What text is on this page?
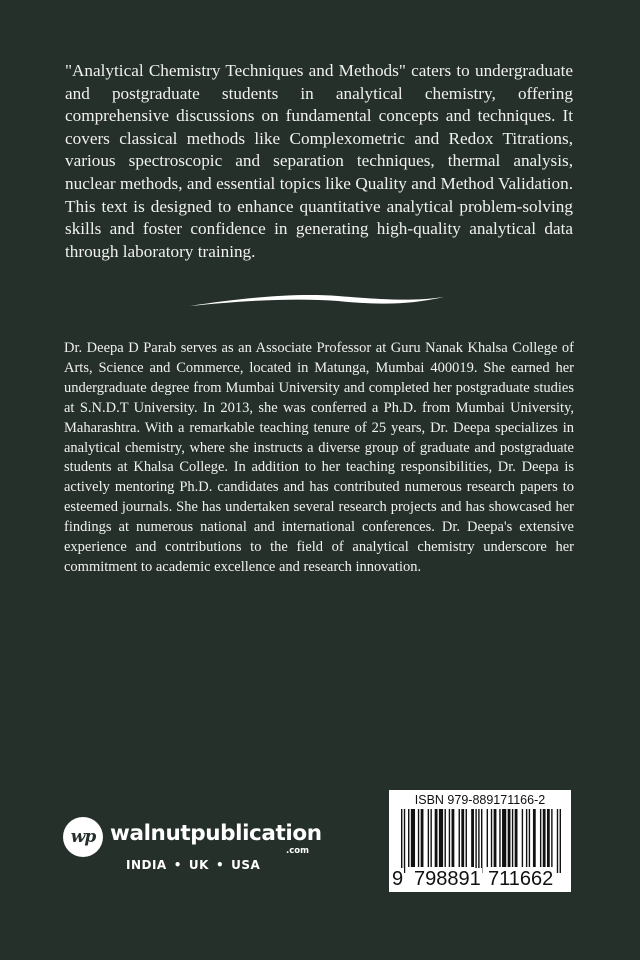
"Analytical Chemistry Techniques and Methods" caters to undergraduate and postgraduate students in analytical chemistry, offering comprehensive discussions on fundamental concepts and techniques. It covers classical methods like Complexometric and Redox Titrations, various spectroscopic and separation techniques, thermal analysis, nuclear methods, and essential topics like Quality and Method Validation. This text is designed to enhance quantitative analytical problem-solving skills and foster confidence in generating high-quality analytical data through laboratory training.

Dr. Deepa D Parab serves as an Associate Professor at Guru Nanak Khalsa College of Arts, Science and Commerce, located in Matunga, Mumbai 400019. She earned her undergraduate degree from Mumbai University and completed her postgraduate studies at S.N.D.T University. In 2013, she was conferred a Ph.D. from Mumbai University, Maharashtra. With a remarkable teaching tenure of 25 years, Dr. Deepa specializes in analytical chemistry, where she instructs a diverse group of graduate and postgraduate students at Khalsa College. In addition to her teaching responsibilities, Dr. Deepa is actively mentoring Ph.D. candidates and has contributed numerous research papers to esteemed journals. She has undertaken several research projects and has showcased her findings at numerous national and international conferences. Dr. Deepa's extensive experience and contributions to the field of analytical chemistry underscore her commitment to academic excellence and research innovation.

wp walnutpublication
.com
INDIA • UK • USA
ISBN 979-889171166-2
9 798891 711662
